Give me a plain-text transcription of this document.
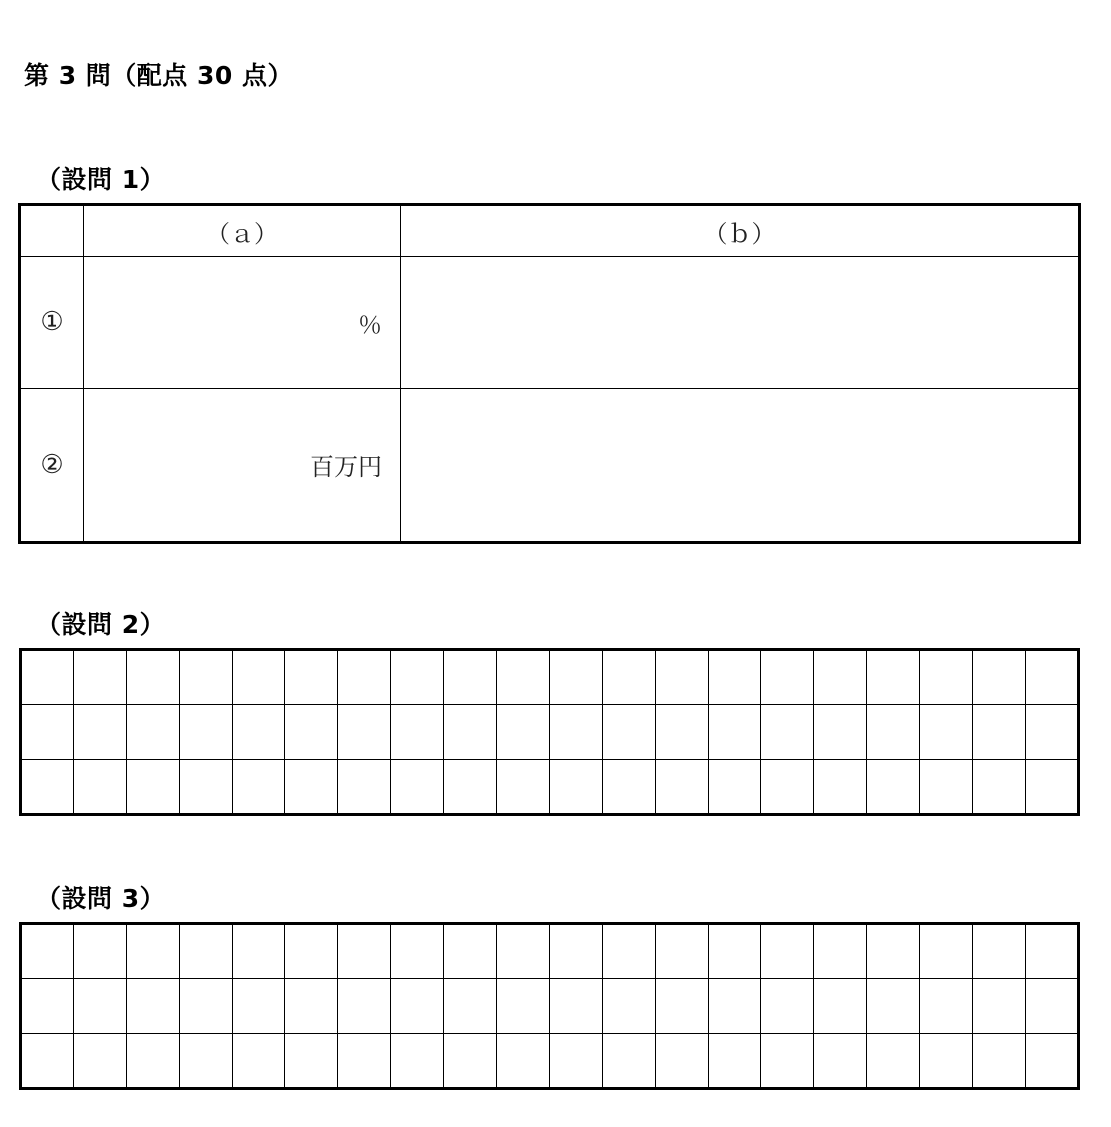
第 3 問（配点 30 点）
（設問 1）
	（ａ）	（ｂ）
①	％	
②	百万円	
（設問 2）

（設問 3）
